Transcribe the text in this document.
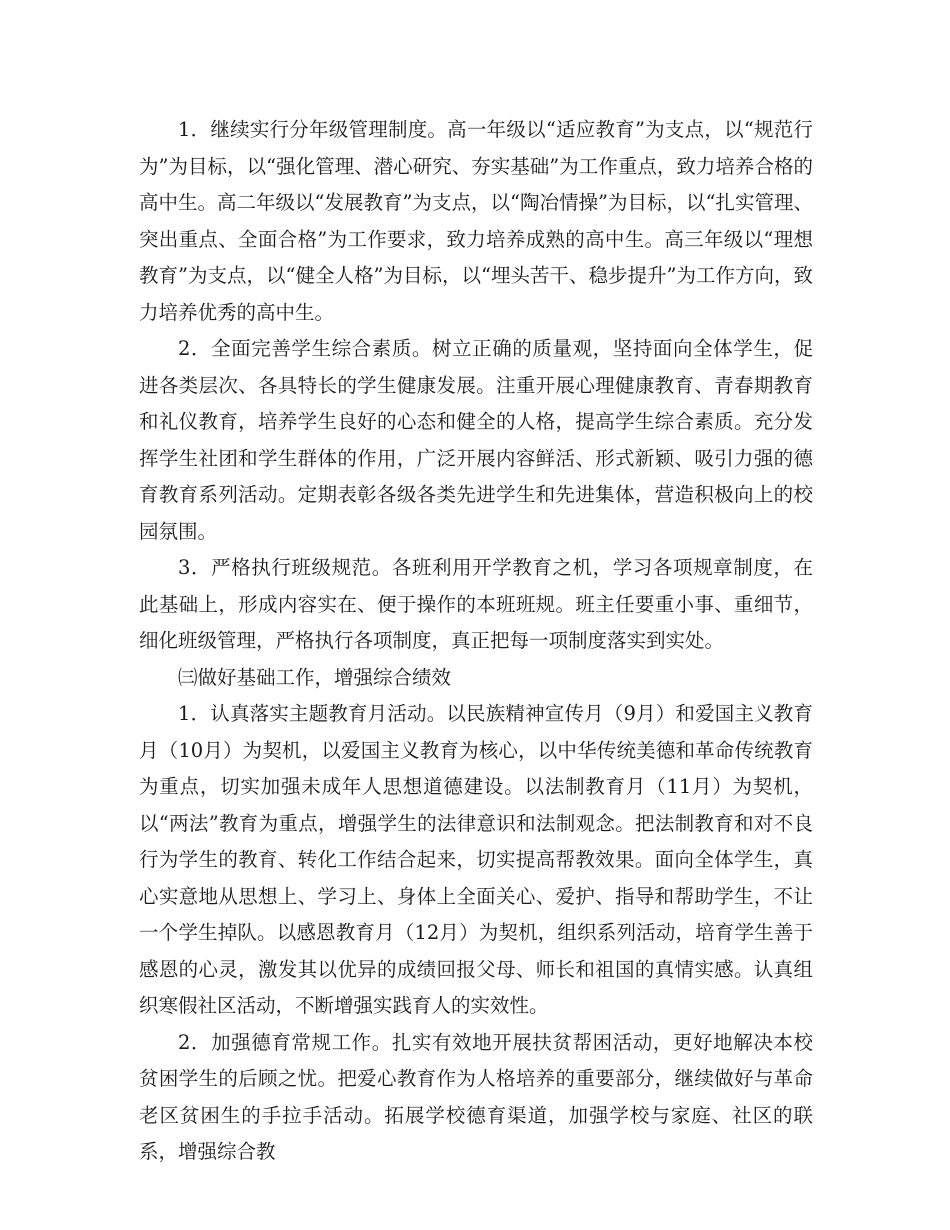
1．继续实行分年级管理制度。高一年级以“适应教育”为支点，以“规范行为”为目标，以“强化管理、潜心研究、夯实基础”为工作重点，致力培养合格的高中生。高二年级以“发展教育”为支点，以“陶冶情操”为目标，以“扎实管理、突出重点、全面合格”为工作要求，致力培养成熟的高中生。高三年级以“理想教育”为支点，以“健全人格”为目标，以“埋头苦干、稳步提升”为工作方向，致力培养优秀的高中生。

2．全面完善学生综合素质。树立正确的质量观，坚持面向全体学生，促进各类层次、各具特长的学生健康发展。注重开展心理健康教育、青春期教育和礼仪教育，培养学生良好的心态和健全的人格，提高学生综合素质。充分发挥学生社团和学生群体的作用，广泛开展内容鲜活、形式新颖、吸引力强的德育教育系列活动。定期表彰各级各类先进学生和先进集体，营造积极向上的校园氛围。

3．严格执行班级规范。各班利用开学教育之机，学习各项规章制度，在此基础上，形成内容实在、便于操作的本班班规。班主任要重小事、重细节，细化班级管理，严格执行各项制度，真正把每一项制度落实到实处。

㈢做好基础工作，增强综合绩效

1．认真落实主题教育月活动。以民族精神宣传月（9月）和爱国主义教育月（10月）为契机，以爱国主义教育为核心，以中华传统美德和革命传统教育为重点，切实加强未成年人思想道德建设。以法制教育月（11月）为契机，以“两法”教育为重点，增强学生的法律意识和法制观念。把法制教育和对不良行为学生的教育、转化工作结合起来，切实提高帮教效果。面向全体学生，真心实意地从思想上、学习上、身体上全面关心、爱护、指导和帮助学生，不让一个学生掉队。以感恩教育月（12月）为契机，组织系列活动，培育学生善于感恩的心灵，激发其以优异的成绩回报父母、师长和祖国的真情实感。认真组织寒假社区活动，不断增强实践育人的实效性。

2．加强德育常规工作。扎实有效地开展扶贫帮困活动，更好地解决本校贫困学生的后顾之忧。把爱心教育作为人格培养的重要部分，继续做好与革命老区贫困生的手拉手活动。拓展学校德育渠道，加强学校与家庭、社区的联系，增强综合教
